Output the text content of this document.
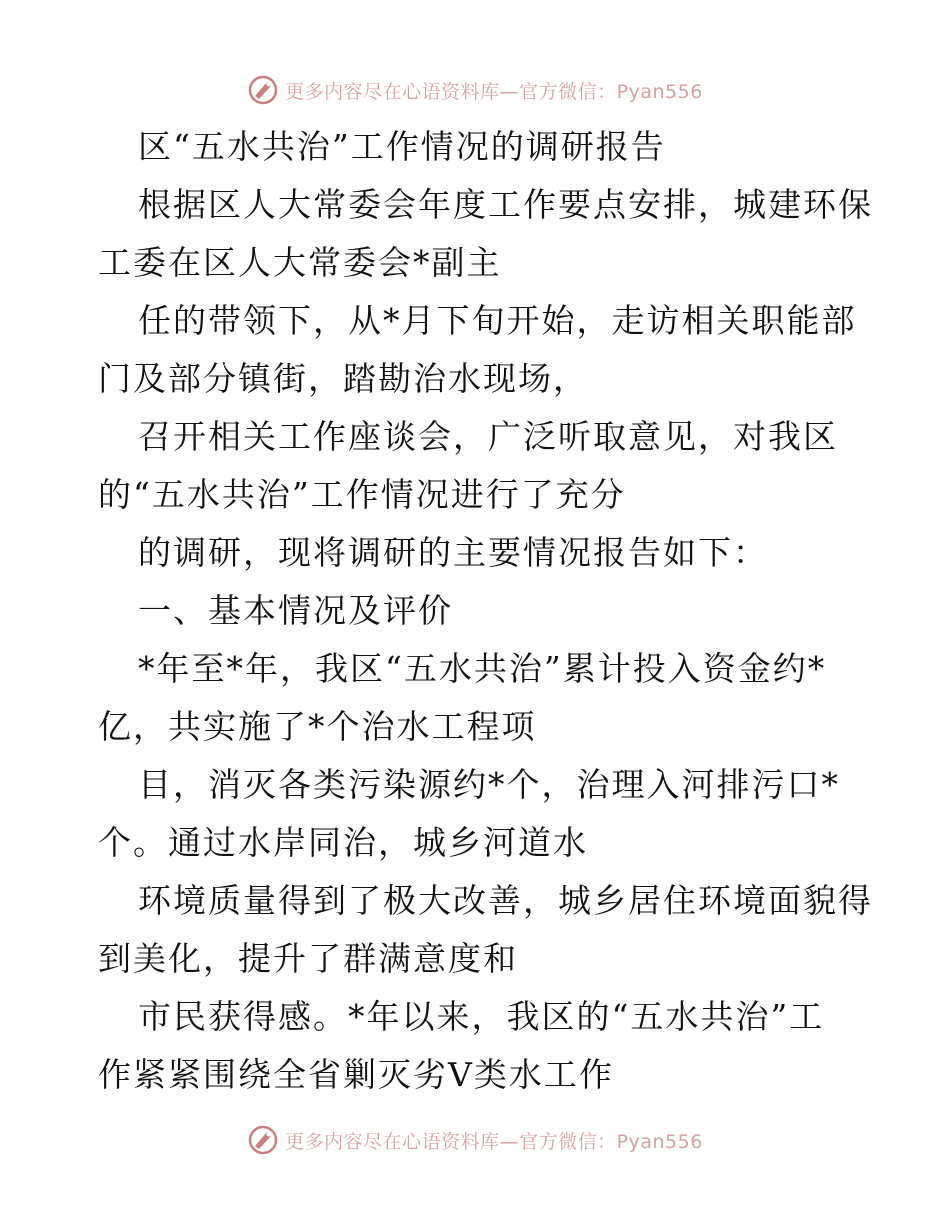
更多内容尽在心语资料库—官方微信：Pyan556

区“五水共治”工作情况的调研报告

根据区人大常委会年度工作要点安排，城建环保

工委在区人大常委会*副主

任的带领下，从*月下旬开始，走访相关职能部

门及部分镇街，踏勘治水现场，

召开相关工作座谈会，广泛听取意见，对我区

的“五水共治”工作情况进行了充分

的调研，现将调研的主要情况报告如下：

一、基本情况及评价

*年至*年，我区“五水共治”累计投入资金约*

亿，共实施了*个治水工程项

目，消灭各类污染源约*个，治理入河排污口*

个。通过水岸同治，城乡河道水

环境质量得到了极大改善，城乡居住环境面貌得

到美化，提升了群满意度和

市民获得感。*年以来，我区的“五水共治”工

作紧紧围绕全省剿灭劣V类水工作

更多内容尽在心语资料库—官方微信：Pyan556
